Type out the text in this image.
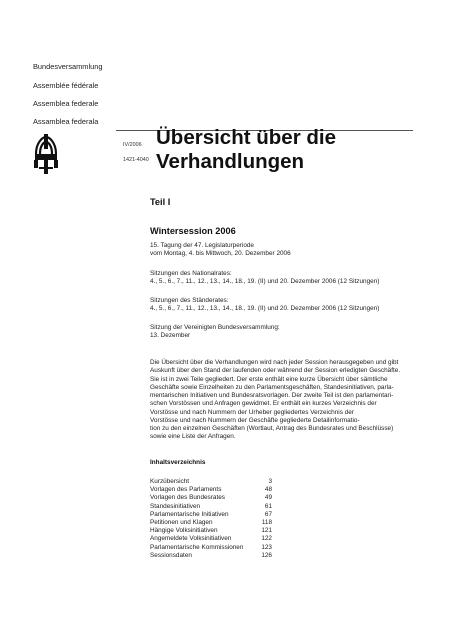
Bundesversammlung
Assemblée fédérale
Assemblea federale
Assamblea federala
IV/2006
1421-4040
Übersicht über die
Verhandlungen
Teil I
Wintersession 2006

15. Tagung der 47. Legislaturperiode

vom Montag, 4. bis Mittwoch, 20. Dezember 2006

Sitzungen des Nationalrates:

4., 5., 6., 7., 11., 12., 13., 14., 18., 19. (II) und 20. Dezember 2006 (12 Sitzungen)

Sitzungen des Ständerates:

4., 5., 6., 7., 11., 12., 13., 14., 18., 19. (II) und 20. Dezember 2006 (12 Sitzungen)

Sitzung der Vereinigten Bundesversammlung:

13. Dezember

Die Übersicht über die Verhandlungen wird nach jeder Session herausgegeben und gibt

Auskunft über den Stand der laufenden oder während der Session erledigten Geschäfte.

Sie ist in zwei Teile gegliedert. Der erste enthält eine kurze Übersicht über sämtliche

Geschäfte sowie Einzelheiten zu den Parlamentsgeschäften, Standesinitiativen, parla-

mentarischen Initiativen und Bundesratsvorlagen. Der zweite Teil ist den parlamentari-

schen Vorstössen und Anfragen gewidmet. Er enthält ein kurzes Verzeichnis der

Vorstösse und nach Nummern der Urheber gegliedertes Verzeichnis der

Vorstösse und nach Nummern der Geschäfte gegliederte Detailinformatio-

tion zu den einzelnen Geschäften (Wortlaut, Antrag des Bundesrates und Beschlüsse)

sowie eine Liste der Anfragen.

Inhaltsverzeichnis
Kurzübersicht	3
Vorlagen des Parlaments	48
Vorlagen des Bundesrates	49
Standesinitiativen	61
Parlamentarische Initiativen	67
Petitionen und Klagen	118
Hängige Volksinitiativen	121
Angemeldete Volksinitiativen	122
Parlamentarische Kommissionen	123
Sessionsdaten	126
